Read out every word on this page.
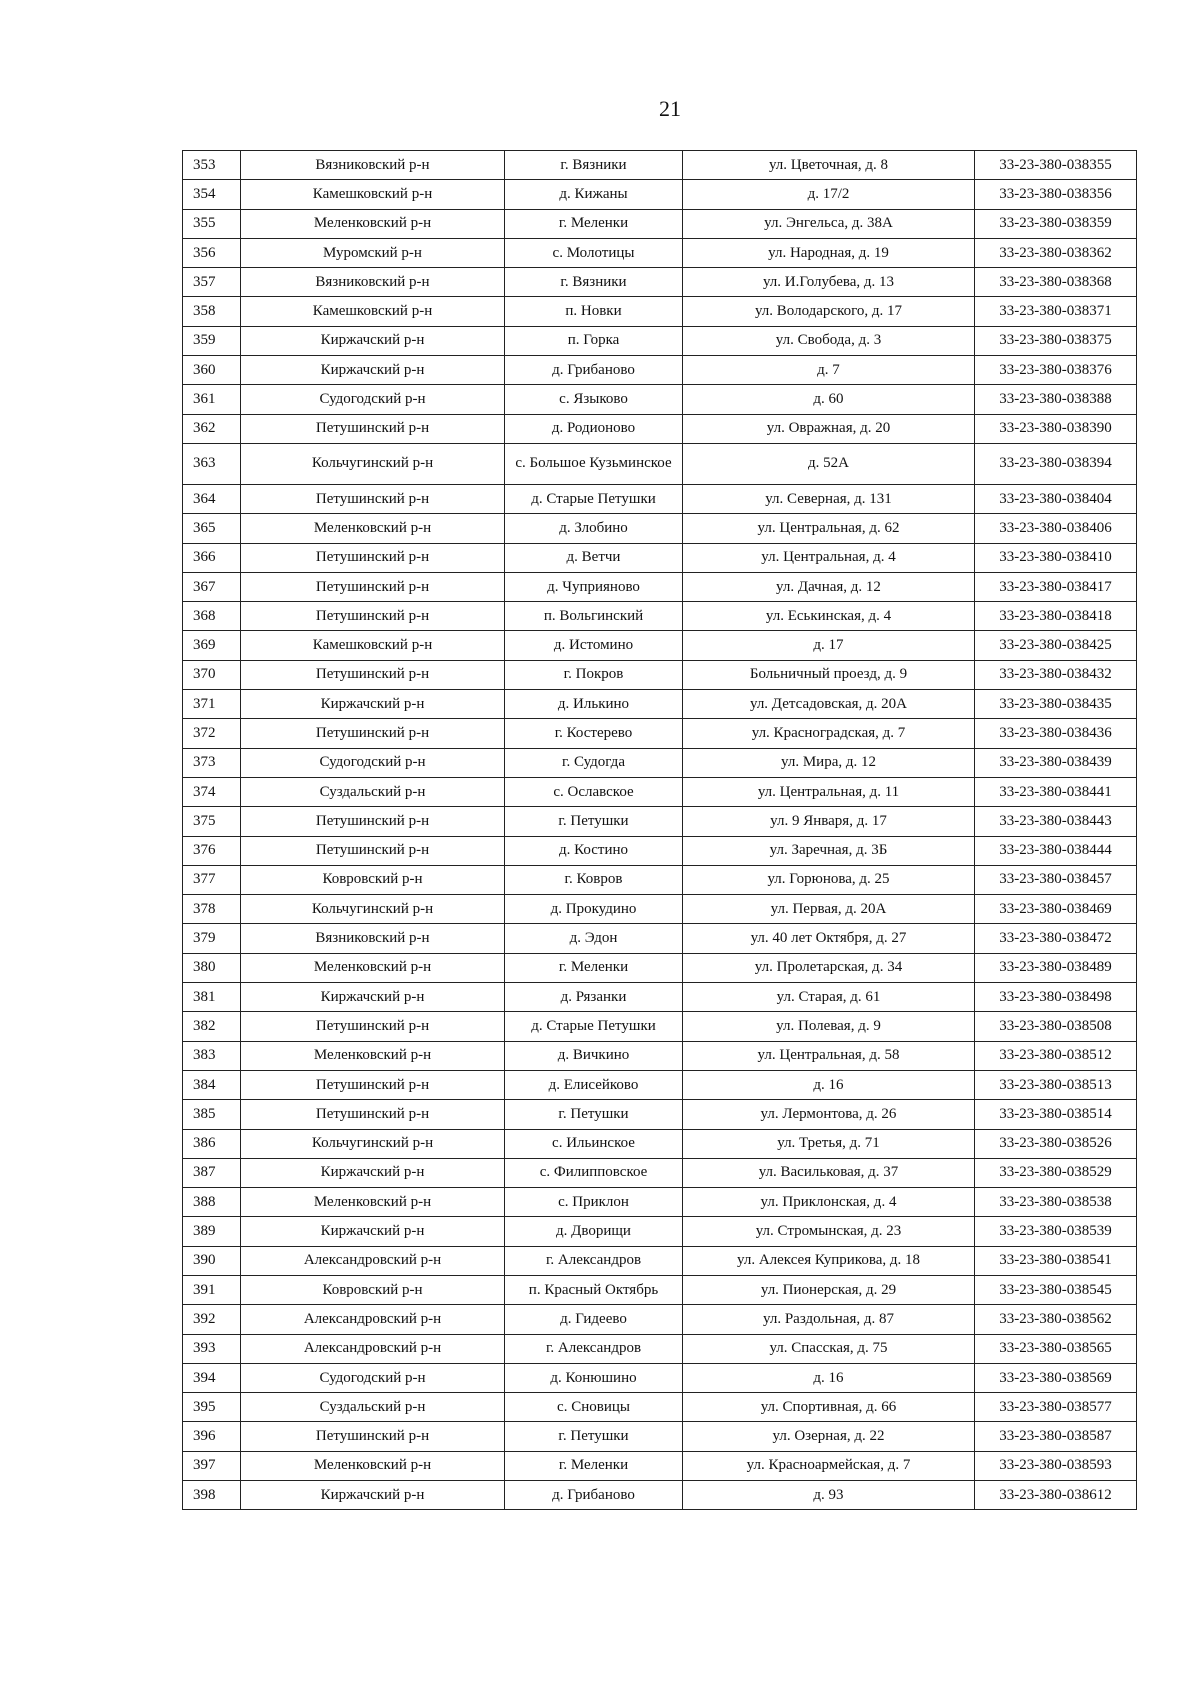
21
353	Вязниковский р-н	г. Вязники	ул. Цветочная, д. 8	33-23-380-038355
354	Камешковский р-н	д. Кижаны	д. 17/2	33-23-380-038356
355	Меленковский р-н	г. Меленки	ул. Энгельса, д. 38А	33-23-380-038359
356	Муромский р-н	с. Молотицы	ул. Народная, д. 19	33-23-380-038362
357	Вязниковский р-н	г. Вязники	ул. И.Голубева, д. 13	33-23-380-038368
358	Камешковский р-н	п. Новки	ул. Володарского, д. 17	33-23-380-038371
359	Киржачский р-н	п. Горка	ул. Свобода, д. 3	33-23-380-038375
360	Киржачский р-н	д. Грибаново	д. 7	33-23-380-038376
361	Судогодский р-н	с. Языково	д. 60	33-23-380-038388
362	Петушинский р-н	д. Родионово	ул. Овражная, д. 20	33-23-380-038390
363	Кольчугинский р-н	с. Большое Кузьминское	д. 52А	33-23-380-038394
364	Петушинский р-н	д. Старые Петушки	ул. Северная, д. 131	33-23-380-038404
365	Меленковский р-н	д. Злобино	ул. Центральная, д. 62	33-23-380-038406
366	Петушинский р-н	д. Ветчи	ул. Центральная, д. 4	33-23-380-038410
367	Петушинский р-н	д. Чуприяново	ул. Дачная, д. 12	33-23-380-038417
368	Петушинский р-н	п. Вольгинский	ул. Еськинская, д. 4	33-23-380-038418
369	Камешковский р-н	д. Истомино	д. 17	33-23-380-038425
370	Петушинский р-н	г. Покров	Больничный проезд, д. 9	33-23-380-038432
371	Киржачский р-н	д. Илькино	ул. Детсадовская, д. 20А	33-23-380-038435
372	Петушинский р-н	г. Костерево	ул. Красноградская, д. 7	33-23-380-038436
373	Судогодский р-н	г. Судогда	ул. Мира, д. 12	33-23-380-038439
374	Суздальский р-н	с. Ославское	ул. Центральная, д. 11	33-23-380-038441
375	Петушинский р-н	г. Петушки	ул. 9 Января, д. 17	33-23-380-038443
376	Петушинский р-н	д. Костино	ул. Заречная, д. 3Б	33-23-380-038444
377	Ковровский р-н	г. Ковров	ул. Горюнова, д. 25	33-23-380-038457
378	Кольчугинский р-н	д. Прокудино	ул. Первая, д. 20А	33-23-380-038469
379	Вязниковский р-н	д. Эдон	ул. 40 лет Октября, д. 27	33-23-380-038472
380	Меленковский р-н	г. Меленки	ул. Пролетарская, д. 34	33-23-380-038489
381	Киржачский р-н	д. Рязанки	ул. Старая, д. 61	33-23-380-038498
382	Петушинский р-н	д. Старые Петушки	ул. Полевая, д. 9	33-23-380-038508
383	Меленковский р-н	д. Вичкино	ул. Центральная, д. 58	33-23-380-038512
384	Петушинский р-н	д. Елисейково	д. 16	33-23-380-038513
385	Петушинский р-н	г. Петушки	ул. Лермонтова, д. 26	33-23-380-038514
386	Кольчугинский р-н	с. Ильинское	ул. Третья, д. 71	33-23-380-038526
387	Киржачский р-н	с. Филипповское	ул. Васильковая, д. 37	33-23-380-038529
388	Меленковский р-н	с. Приклон	ул. Приклонская, д. 4	33-23-380-038538
389	Киржачский р-н	д. Дворищи	ул. Стромынская, д. 23	33-23-380-038539
390	Александровский р-н	г. Александров	ул. Алексея Куприкова, д. 18	33-23-380-038541
391	Ковровский р-н	п. Красный Октябрь	ул. Пионерская, д. 29	33-23-380-038545
392	Александровский р-н	д. Гидеево	ул. Раздольная, д. 87	33-23-380-038562
393	Александровский р-н	г. Александров	ул. Спасская, д. 75	33-23-380-038565
394	Судогодский р-н	д. Конюшино	д. 16	33-23-380-038569
395	Суздальский р-н	с. Сновицы	ул. Спортивная, д. 66	33-23-380-038577
396	Петушинский р-н	г. Петушки	ул. Озерная, д. 22	33-23-380-038587
397	Меленковский р-н	г. Меленки	ул. Красноармейская, д. 7	33-23-380-038593
398	Киржачский р-н	д. Грибаново	д. 93	33-23-380-038612
